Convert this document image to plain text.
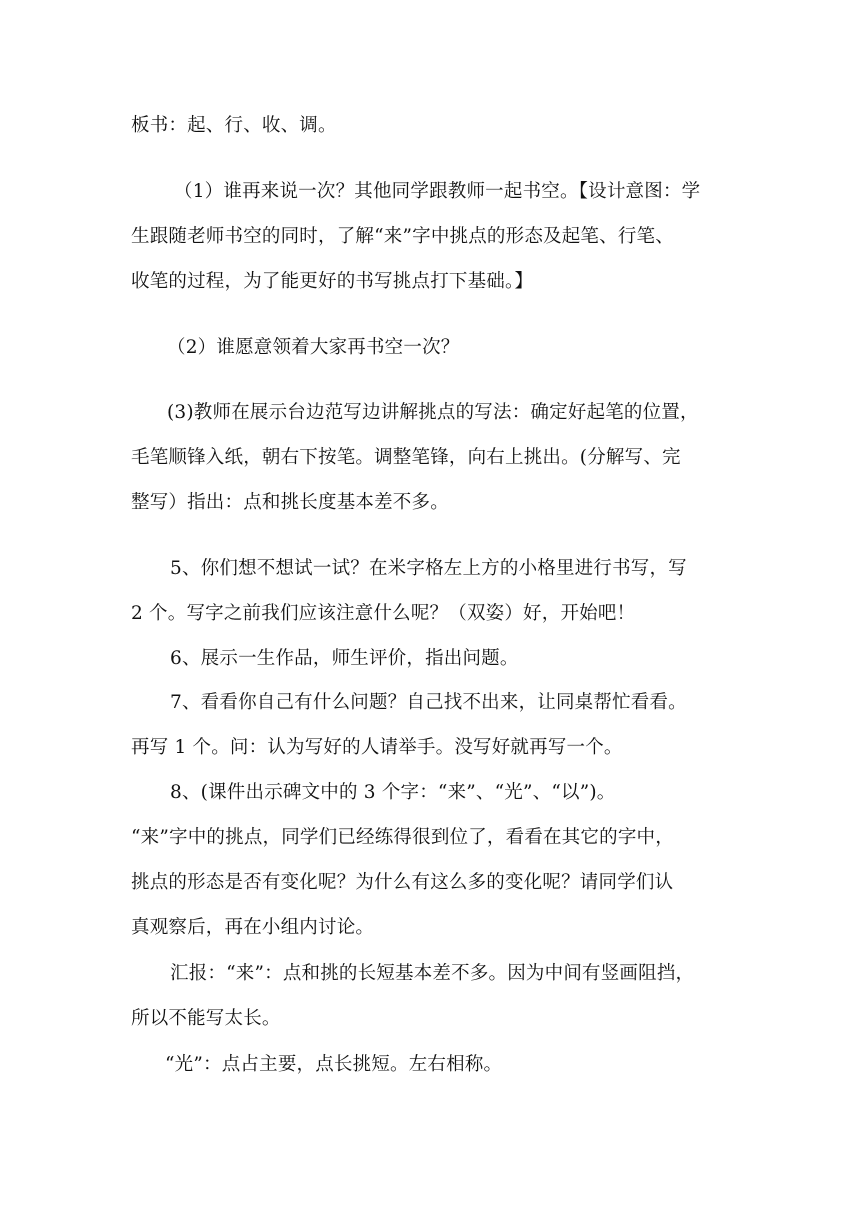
板书：起、行、收、调。
（1）谁再来说一次？其他同学跟教师一起书空。【设计意图：学
生跟随老师书空的同时，了解“来”字中挑点的形态及起笔、行笔、
收笔的过程，为了能更好的书写挑点打下基础。】
（2）谁愿意领着大家再书空一次？
(3)教师在展示台边范写边讲解挑点的写法：确定好起笔的位置，
毛笔顺锋入纸，朝右下按笔。调整笔锋，向右上挑出。(分解写、完
整写）指出：点和挑长度基本差不多。
5、你们想不想试一试？在米字格左上方的小格里进行书写，写
2 个。写字之前我们应该注意什么呢？（双姿）好，开始吧！
6、展示一生作品，师生评价，指出问题。
7、看看你自己有什么问题？自己找不出来，让同桌帮忙看看。
再写 1 个。问：认为写好的人请举手。没写好就再写一个。
8、(课件出示碑文中的 3 个字：“来”、“光”、“以”)。
“来”字中的挑点，同学们已经练得很到位了，看看在其它的字中，
挑点的形态是否有变化呢？为什么有这么多的变化呢？请同学们认
真观察后，再在小组内讨论。
汇报：“来”：点和挑的长短基本差不多。因为中间有竖画阻挡，
所以不能写太长。
“光”：点占主要，点长挑短。左右相称。
